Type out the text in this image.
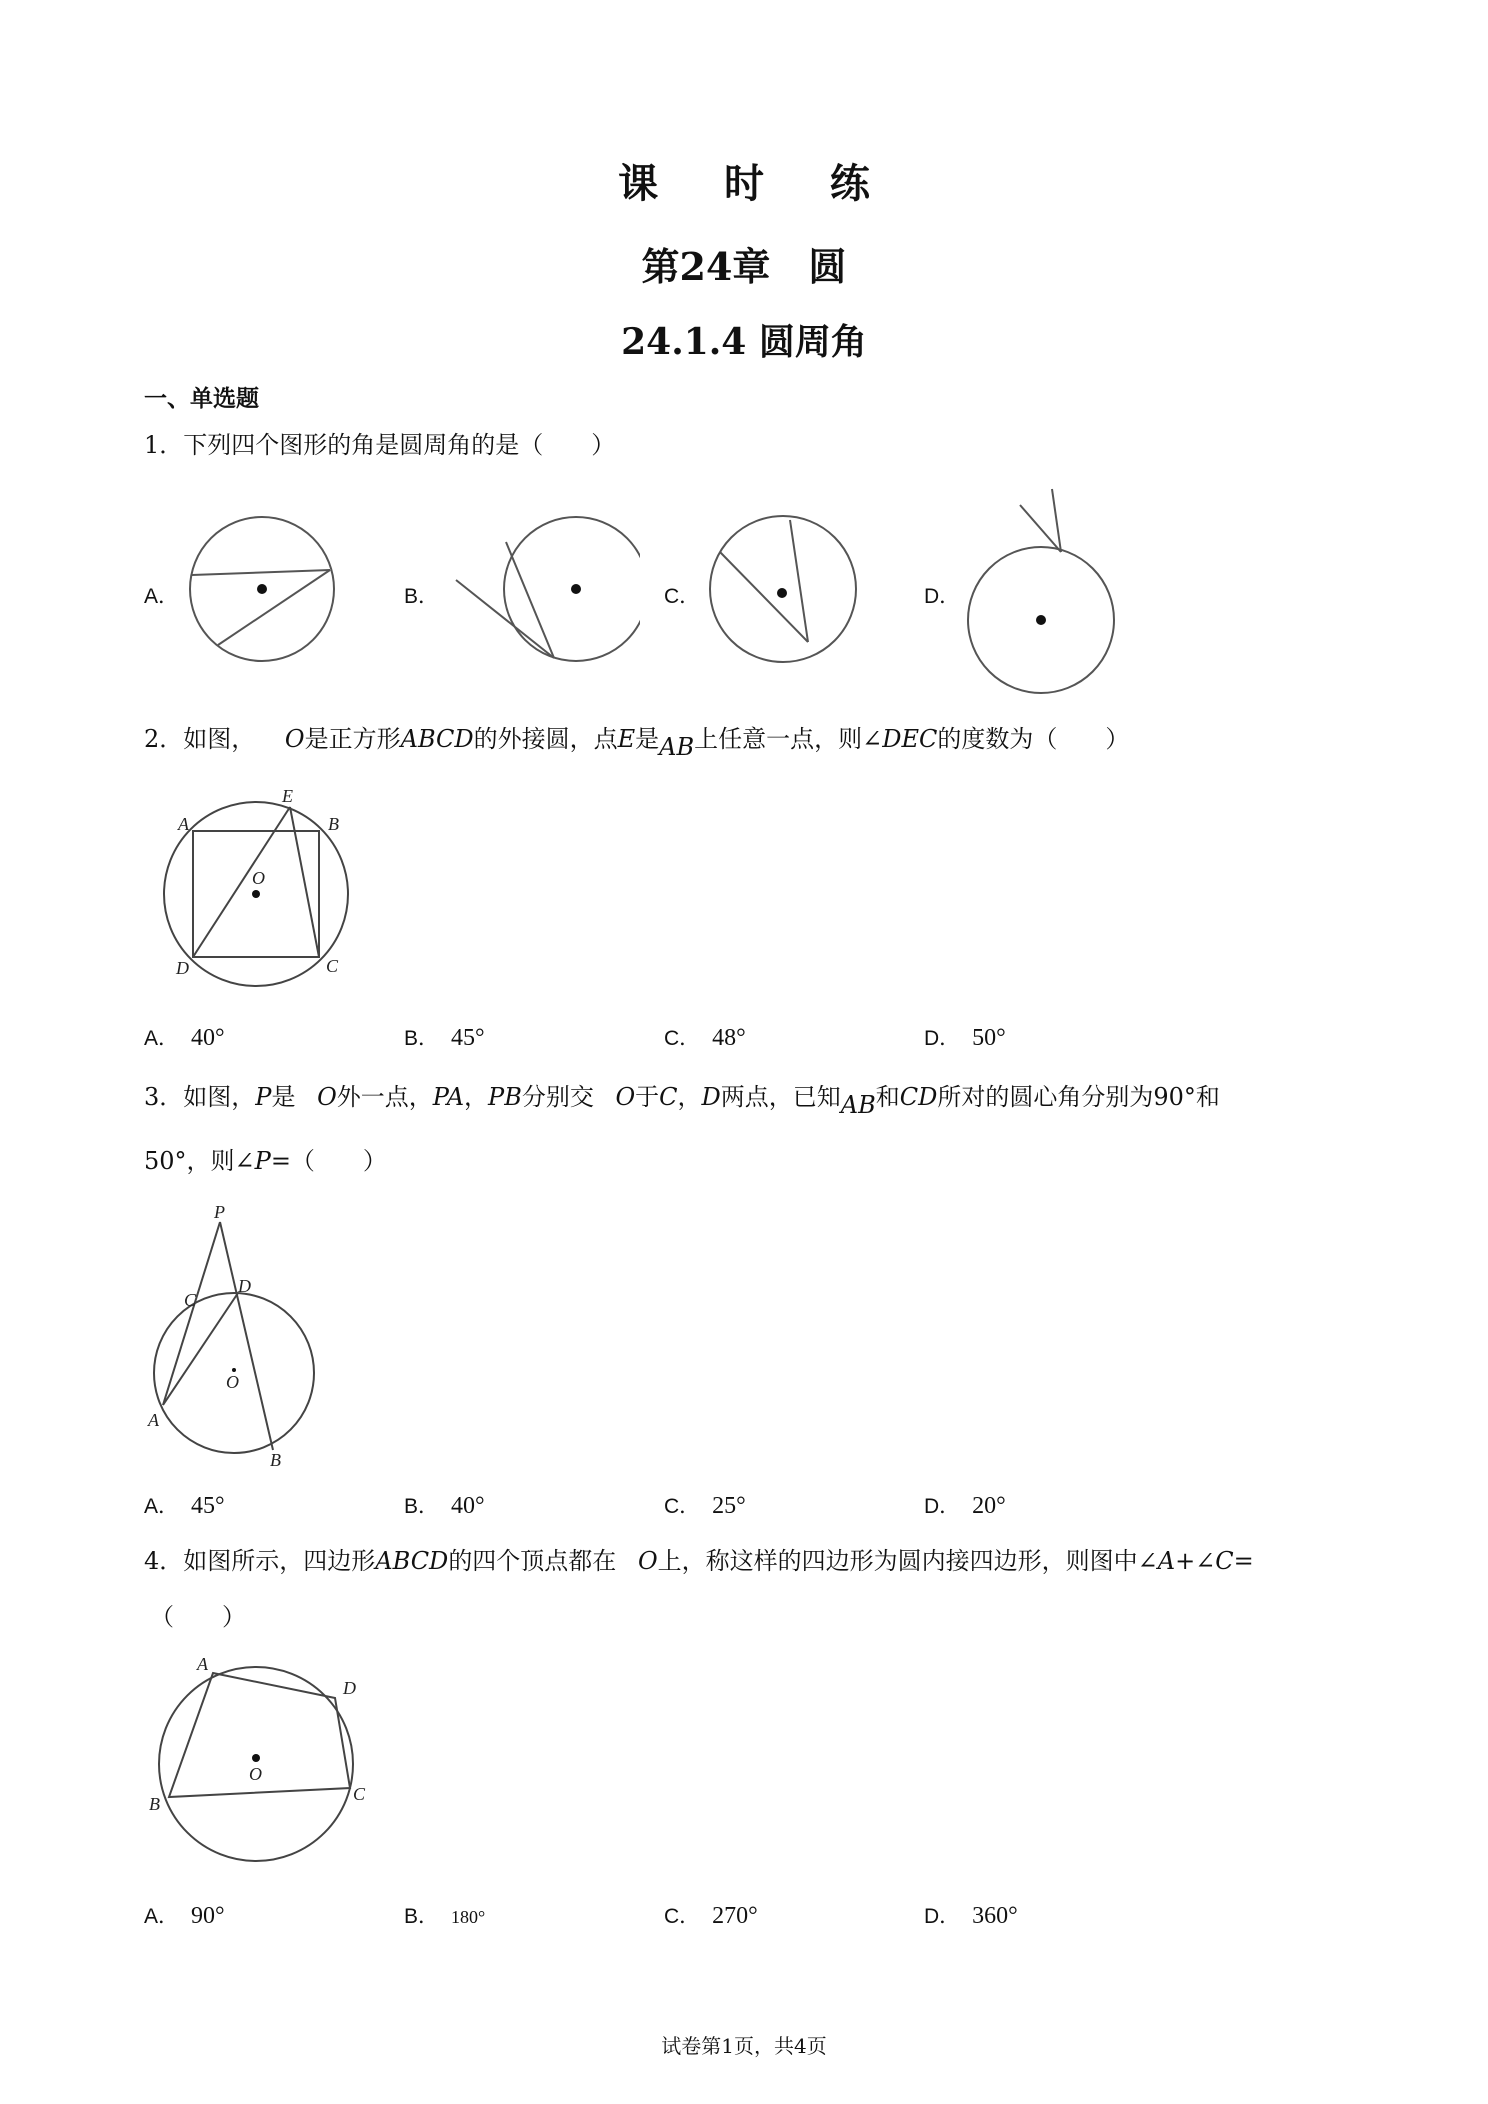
课 时 练
第24章　圆
24.1.4 圆周角
一、单选题
1．下列四个图形的角是圆周角的是（　　）
A．	B．	C．	D．
2．如图， O是正方形ABCD的外接圆，点E是AB上任意一点，则∠DEC的度数为（　　）
A
E
B
O
D	C
A． 40°	B． 45°	C． 48°	D． 50°
3．如图，P是 O外一点，PA，PB分别交 O于C，D两点，已知AB和CD所对的圆心角分别为90°和
50°，则∠P=（　　）
P
C
D
O
A
B
A． 45°	B． 40°	C． 25°	D． 20°
4．如图所示，四边形ABCD的四个顶点都在 O上，称这样的四边形为圆内接四边形，则图中∠A+∠C=
（　　）
A
D
O
B	C
A． 90°	B． 180°	C． 270°	D． 360°
试卷第1页，共4页
